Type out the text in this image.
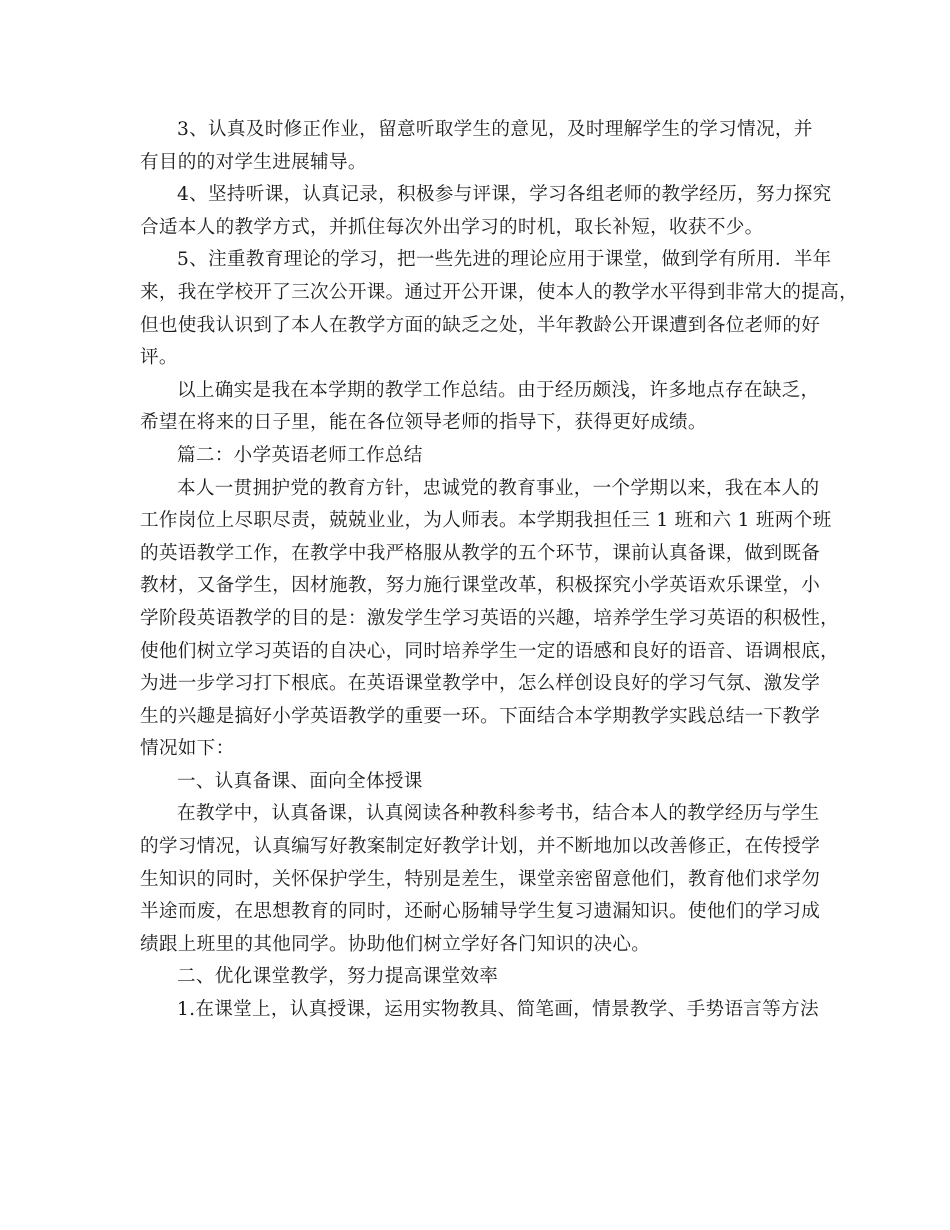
3、认真及时修正作业，留意听取学生的意见，及时理解学生的学习情况，并
有目的的对学生进展辅导。
4、坚持听课，认真记录，积极参与评课，学习各组老师的教学经历，努力探究
合适本人的教学方式，并抓住每次外出学习的时机，取长补短，收获不少。
5、注重教育理论的学习，把一些先进的理论应用于课堂，做到学有所用．半年
来，我在学校开了三次公开课。通过开公开课，使本人的教学水平得到非常大的提高，
但也使我认识到了本人在教学方面的缺乏之处，半年教龄公开课遭到各位老师的好
评。
以上确实是我在本学期的教学工作总结。由于经历颇浅，许多地点存在缺乏，
希望在将来的日子里，能在各位领导老师的指导下，获得更好成绩。
篇二：小学英语老师工作总结
本人一贯拥护党的教育方针，忠诚党的教育事业，一个学期以来，我在本人的
工作岗位上尽职尽责，兢兢业业，为人师表。本学期我担任三 1 班和六 1 班两个班
的英语教学工作，在教学中我严格服从教学的五个环节，课前认真备课，做到既备
教材，又备学生，因材施教，努力施行课堂改革，积极探究小学英语欢乐课堂，小
学阶段英语教学的目的是：激发学生学习英语的兴趣，培养学生学习英语的积极性，
使他们树立学习英语的自决心，同时培养学生一定的语感和良好的语音、语调根底，
为进一步学习打下根底。在英语课堂教学中，怎么样创设良好的学习气氛、激发学
生的兴趣是搞好小学英语教学的重要一环。下面结合本学期教学实践总结一下教学
情况如下：
一、认真备课、面向全体授课
在教学中，认真备课，认真阅读各种教科参考书，结合本人的教学经历与学生
的学习情况，认真编写好教案制定好教学计划，并不断地加以改善修正，在传授学
生知识的同时，关怀保护学生，特别是差生，课堂亲密留意他们，教育他们求学勿
半途而废，在思想教育的同时，还耐心肠辅导学生复习遗漏知识。使他们的学习成
绩跟上班里的其他同学。协助他们树立学好各门知识的决心。
二、优化课堂教学，努力提高课堂效率
1.在课堂上，认真授课，运用实物教具、简笔画，情景教学、手势语言等方法
